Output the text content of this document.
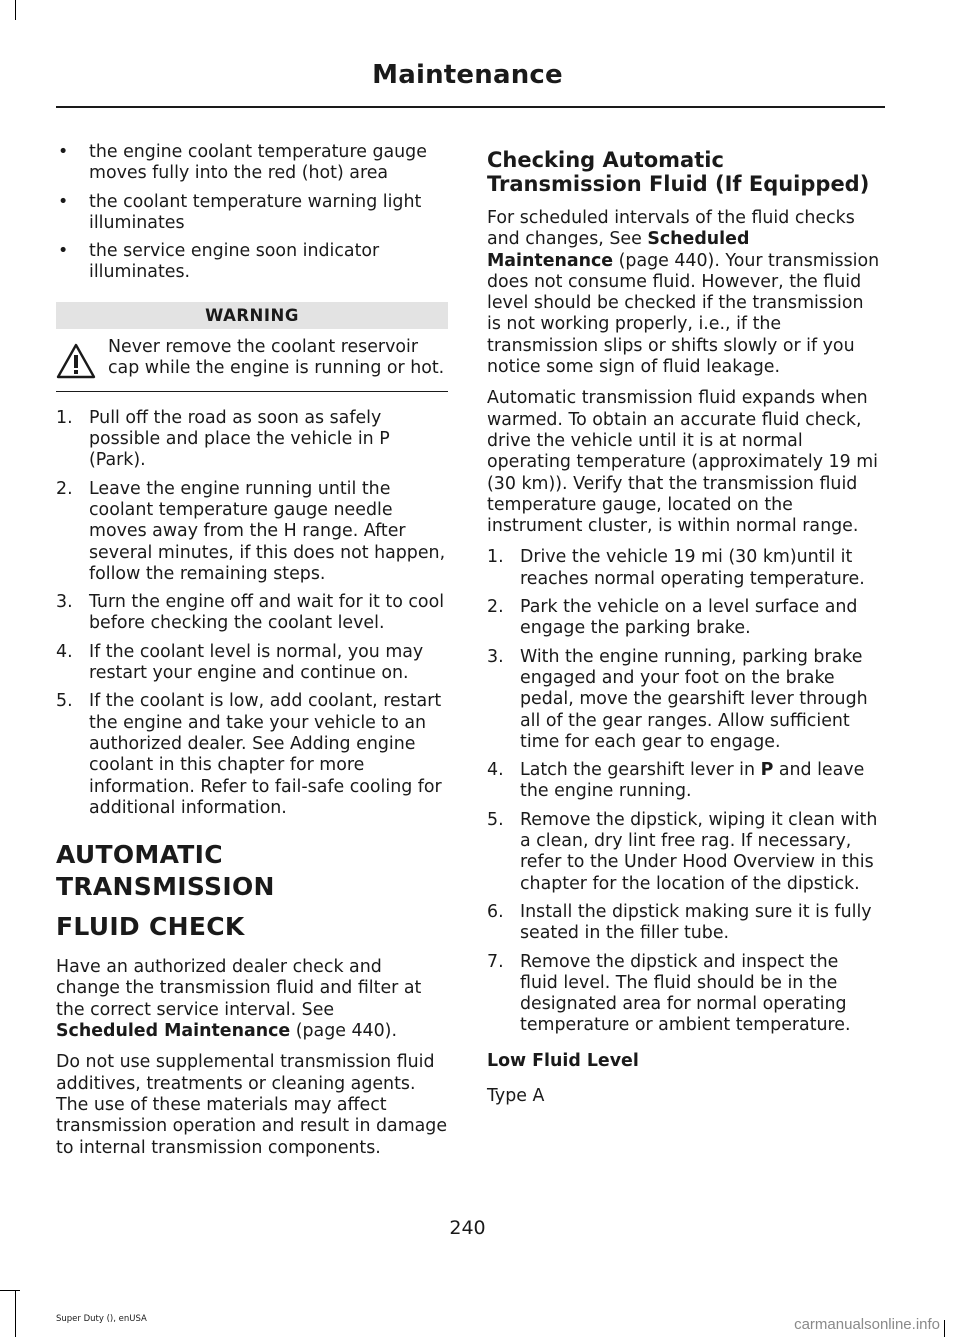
Maintenance
• the engine coolant temperature gauge moves fully into the red (hot) area
• the coolant temperature warning light illuminates
• the service engine soon indicator illuminates.
WARNING
Never remove the coolant reservoir cap while the engine is running or hot.
1. Pull off the road as soon as safely possible and place the vehicle in P (Park).
2. Leave the engine running until the coolant temperature gauge needle moves away from the H range. After several minutes, if this does not happen, follow the remaining steps.
3. Turn the engine off and wait for it to cool before checking the coolant level.
4. If the coolant level is normal, you may restart your engine and continue on.
5. If the coolant is low, add coolant, restart the engine and take your vehicle to an authorized dealer. See Adding engine coolant in this chapter for more information. Refer to fail-safe cooling for additional information.
AUTOMATIC TRANSMISSION
FLUID CHECK

Have an authorized dealer check and change the transmission fluid and filter at the correct service interval. See
Scheduled Maintenance (page 440).

Do not use supplemental transmission fluid additives, treatments or cleaning agents. The use of these materials may affect transmission operation and result in damage to internal transmission components.

Checking Automatic Transmission Fluid (If Equipped)

For scheduled intervals of the fluid checks and changes, See Scheduled Maintenance (page 440). Your transmission does not consume fluid. However, the fluid level should be checked if the transmission is not working properly, i.e., if the transmission slips or shifts slowly or if you notice some sign of fluid leakage.

Automatic transmission fluid expands when warmed. To obtain an accurate fluid check, drive the vehicle until it is at normal operating temperature (approximately 19 mi (30 km)). Verify that the transmission fluid temperature gauge, located on the instrument cluster, is within normal range.

1. Drive the vehicle 19 mi (30 km)until it reaches normal operating temperature.
2. Park the vehicle on a level surface and engage the parking brake.
3. With the engine running, parking brake engaged and your foot on the brake pedal, move the gearshift lever through all of the gear ranges. Allow sufficient time for each gear to engage.
4. Latch the gearshift lever in P and leave the engine running.
5. Remove the dipstick, wiping it clean with a clean, dry lint free rag. If necessary, refer to the Under Hood Overview in this chapter for the location of the dipstick.
6. Install the dipstick making sure it is fully seated in the filler tube.
7. Remove the dipstick and inspect the fluid level. The fluid should be in the designated area for normal operating temperature or ambient temperature.
Low Fluid Level

Type A

240
Super Duty (), enUSA	carmanualsonline.info
